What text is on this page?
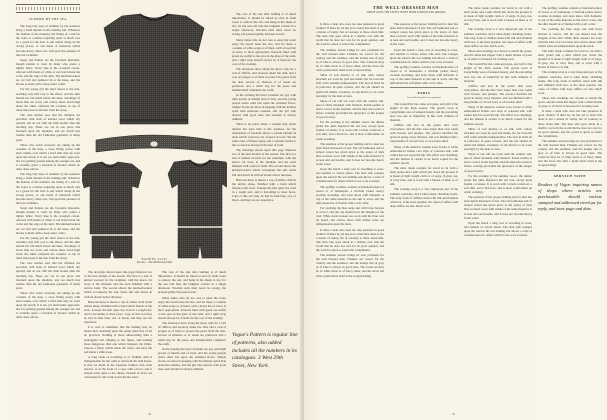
SUMMER BY THE SEA

The long lazy days of summer by the seashore bring a fresh interest in the bathing suit. Whatever the fashion of the moment, the fitting of a suit for the water is a matter requiring quite as much care as a gown for the ball. A suit which clings in the wrong places, or one made of materials which become heavy when wet, will spoil the pleasure of the best swimmer.

Serge and flannel are the favourite materials, though mohair is worn by many who prefer a lighter fabric. Navy blue is the accepted colour, relieved with bands of white or red braid about the collar and the edge of the skirt. The knickerbockers are cut full and gathered in at the knee, and the blouse is made with a deep sailor collar.

For the young girl the short sleeve is the rule, reaching only half way to the elbow, and the skirt should not fall much below the knee. Stockings of black lisle are worn, and canvas shoes laced high about the ankle complete the costume. A cap of oiled silk protects the hair from the spray.

The wise mother sees that the children are provided with suits of knitted wool which dry quickly and do not chill the little bodies after the morning dip. These are cut in one piece and fastened upon the shoulder, and are much less trouble than the old fashioned garments of many parts.

Those who swim seriously are taking up the costume of the men, a close fitting jersey with short trunks, over which a brief skirt may be worn upon the beach. It is not yet universally approved, but it is gaining ground among the younger set, and it certainly gives a freedom of motion which no other dress allows.

The long lazy days of summer by the seashore bring a fresh interest in the bathing suit. Whatever the fashion of the moment, the fitting of a suit for the water is a matter requiring quite as much care as a gown for the ball. A suit which clings in the wrong places, or one made of materials which become heavy when wet, will spoil the pleasure of the best swimmer.

Serge and flannel are the favourite materials, though mohair is worn by many who prefer a lighter fabric. Navy blue is the accepted colour, relieved with bands of white or red braid about the collar and the edge of the skirt. The knickerbockers are cut full and gathered in at the knee, and the blouse is made with a deep sailor collar.

For the young girl the short sleeve is the rule, reaching only half way to the elbow, and the skirt should not fall much below the knee. Stockings of black lisle are worn, and canvas shoes laced high about the ankle complete the costume. A cap of oiled silk protects the hair from the spray.

The wise mother sees that the children are provided with suits of knitted wool which dry quickly and do not chill the little bodies after the morning dip. These are cut in one piece and fastened upon the shoulder, and are much less trouble than the old fashioned garments of many parts.

Those who swim seriously are taking up the costume of the men, a close fitting jersey with short trunks, over which a brief skirt may be worn upon the beach. It is not yet universally approved, but it is gaining ground among the younger set, and it certainly gives a freedom of motion which no other dress allows.

BATHING SUITS
See text.—The Well Dressed Man

The drawings shown upon this page illustrate two of the best models of the season. The first is a suit of knitted worsted for the swimmer, with the sleeve cut away at the shoulder and the neck finished with a narrow band. The second shows the knickerbockers which accompany the suit, made full and drawn in with an elastic below the knee.

Between these is shown a cap of rubber cloth in the turban shape, finished with a band which fastens at the back. It keeps the hair quite dry even in a rough surf, and is becoming to most faces. Caps of this sort may be had in dark blue, red, or black, and they are not expensive.

It is well to remember that the bathing suit, no matter how charming upon the sands, must first of all be practical. Nothing is more unbecoming than a bedraggled suit clinging to the figure, and nothing more dangerous than one which hampers the limbs. Choose a fabric which sheds the water, and have the suit made a trifle loose.

A long cloak of towelling or of Turkish cloth is indispensable for the walk to and from the bath house. It may be made in the Japanese fashion with wide sleeves, or in the form of a cape with a hood, and it should reach quite to the ankles. Sandals of straw are convenient for the walk across the hot sand.

The care of the suit after bathing is of much importance. It should be rinsed at once in fresh water to remove the salt, and hung in the shade to dry, for the sun will fade the brightest colours in a single afternoon. Woollen suits must never be wrung, but pressed gently between towels.

Many ladies who do not care to enter the water enjoy the beach none the less, and for these a costume of white serge or of linen, with a broad hat of straw, is most appropriate. Parasols lined with green are restful to the eyes in the glare of the sand, and a light wrap should always be at hand for the cool of the evening.

The afternoon drive along the shore calls for a veil of chiffon, tied securely under the chin, and a coat of pongee or of linen to protect the gown from the dust. Gloves of chamois or of suede are preferred, and a small bag for the purse and handkerchief completes the outfit.

In the evening the hotel verandas are gay with light gowns of muslin and of lawn, and the young people dance until late upon the polished floors. Simple frocks are more in keeping with the holiday spirit than elaborate toilettes, and the girl who dresses with good taste and restraint is always admired.

The care of the suit after bathing is of much importance. It should be rinsed at once in fresh water to remove the salt, and hung in the shade to dry, for the sun will fade the brightest colours in a single afternoon. Woollen suits must never be wrung, but pressed gently between towels.

Many ladies who do not care to enter the water enjoy the beach none the less, and for these a costume of white serge or of linen, with a broad hat of straw, is most appropriate. Parasols lined with green are restful to the eyes in the glare of the sand, and a light wrap should always be at hand for the cool of the evening.

The afternoon drive along the shore calls for a veil of chiffon, tied securely under the chin, and a coat of pongee or of linen to protect the gown from the dust. Gloves of chamois or of suede are preferred, and a small bag for the purse and handkerchief completes the outfit.

In the evening the hotel verandas are gay with light gowns of muslin and of lawn, and the young people dance until late upon the polished floors. Simple frocks are more in keeping with the holiday spirit than elaborate toilettes, and the girl who dresses with good taste and restraint is always admired.

There is no place where a woman may better display her taste than at the seashore, for the atmosphere of freedom allows a certain latitude in dress which would be out of place in town. Yet the same rules of fitness apply, and a costume suited to the occasion is always in the best of form.

The drawings shown upon this page illustrate two of the best models of the season. The first is a suit of knitted worsted for the swimmer, with the sleeve cut away at the shoulder and the neck finished with a narrow band. The second shows the knickerbockers which accompany the suit, made full and drawn in with an elastic below the knee.

Between these is shown a cap of rubber cloth in the turban shape, finished with a band which fastens at the back. It keeps the hair quite dry even in a rough surf, and is becoming to most faces. Caps of this sort may be had in dark blue, red, or black, and they are not expensive.

Vogue's Pattern is regular line of patterns, also added includes all the numbers in its catalogues. 3 West 29th Street, New York.
54
THE WELL-DRESSED MAN
WHICH GIVES THE LATEST NOTES FROM LONDON AND ABROAD

Is there a man who does not take pleasure in good clothes? If there be, he has yet to learn that dress is not a matter of vanity, but of courtesy to those about him. The man who goes about in a shabby coat tells the world that he does not care for its good opinion, and the world is quick to return the compliment.

The summer season brings its own problems for the well dressed man. Flannels are correct for the country and the seashore, and the lounge suit of grey or of blue is always in good taste. The waistcoat may be of white duck or of fancy linen, and the straw hat with a plain black band is the accepted thing.

Shirts of soft madras or of silk, with collars attached, are worn for golf and tennis, but for town the stiff collar remains indispensable. The four in hand tie is preferred, in quiet colours, and the pin should be small and simple. Jewellery of any kind is to be worn sparingly by the man of taste.

Shoes of tan calf are worn with the country suit, and of white buckskin with flannels. Patent leather is never correct in the daytime, and the man who wears it before evening proclaims his ignorance of the usages of good society.

For the evening at the summer resort, the dinner jacket has quite displaced the tail coat, except upon formal occasions. It is worn with a black waistcoat, a soft shirt, and a black tie, and is most comfortable on warm evenings.

The question of the proper bathing suit for men has been much discussed of late. The old fashioned suit of striped cotton has given place to the jersey of dark blue worsted, worn with trunks of the same material. It is neat and serviceable, and it does not become heavy in the water.

Upon the beach a long coat of towelling is worn, and sandals or canvas shoes. The man who lounges upon the sand in his wet bathing suit shows a want of consideration for others which is not to be excused.

The golfing costume consists of knickerbockers of tweed or of homespun, a Norfolk jacket, heavy woollen stockings, and stout shoes with hobnails. A cap of the same material as the suit is worn, and the shirt should be of flannel with a soft collar.

For yachting the blue serge suit with brass buttons is correct, and the cap should bear the insignia of the club. White duck trousers are worn with the blue coat on board, and canvas shoes with rubber soles are indispensable upon the deck.

Is there a man who does not take pleasure in good clothes? If there be, he has yet to learn that dress is not a matter of vanity, but of courtesy to those about him. The man who goes about in a shabby coat tells the world that he does not care for its good opinion, and the world is quick to return the compliment.

The summer season brings its own problems for the well dressed man. Flannels are correct for the country and the seashore, and the lounge suit of grey or of blue is always in good taste. The waistcoat may be of white duck or of fancy linen, and the straw hat with a plain black band is the accepted thing.

The question of the proper bathing suit for men has been much discussed of late. The old fashioned suit of striped cotton has given place to the jersey of dark blue worsted, worn with trunks of the same material. It is neat and serviceable, and it does not become heavy in the water.

Upon the beach a long coat of towelling is worn, and sandals or canvas shoes. The man who lounges upon the sand in his wet bathing suit shows a want of consideration for others which is not to be excused.

The golfing costume consists of knickerbockers of tweed or of homespun, a Norfolk jacket, heavy woollen stockings, and stout shoes with hobnails. A cap of the same material as the suit is worn, and the shirt should be of flannel with a soft collar.

PARIS
From Our Regular Correspondent

The Grand Prix has come and gone, and with it the height of the Paris season. The gowns worn at Longchamp were of unusual beauty, and the prevailing note was one of simplicity in line with richness of material.

Chiffon and lace in the palest tints were everywhere, and the hats were larger than ever, laden with flowers and plumes. The parasol matched the gown in nearly every instance, and was finished with a long handle of carved ivory or of tortoise shell.

Many of the smartest women wore frocks of white embroidered batiste over slips of coloured silk, with sashes tied low upon the hip. The effect was charming, and the fashion is certain to be much copied for the summer resorts.

The tailor made costume for travel is cut with a short jacket and a skirt which just clears the ground. It is made of light weight cloth or of serge, in grey, tan, or navy blue, and is worn with a blouse of linen or of silk.

The evening wrap is a very important part of the summer wardrobe, and it takes many charming forms. The long cloak of chiffon, lined with silk and trimmed with lace, is the most popular, but capes of taffeta with deep ruffles are also much worn.

The tailor made costume for travel is cut with a short jacket and a skirt which just clears the ground. It is made of light weight cloth or of serge, in grey, tan, or navy blue, and is worn with a blouse of linen or of silk.

The evening wrap is a very important part of the summer wardrobe, and it takes many charming forms. The long cloak of chiffon, lined with silk and trimmed with lace, is the most popular, but capes of taffeta with deep ruffles are also much worn.

Shoes and stockings are chosen to match the gown, and the white kid slipper with a small buckle of paste or of silver is favoured for evening wear.

The Grand Prix has come and gone, and with it the height of the Paris season. The gowns worn at Longchamp were of unusual beauty, and the prevailing note was one of simplicity in line with richness of material.

Chiffon and lace in the palest tints were everywhere, and the hats were larger than ever, laden with flowers and plumes. The parasol matched the gown in nearly every instance, and was finished with a long handle of carved ivory or of tortoise shell.

Many of the smartest women wore frocks of white embroidered batiste over slips of coloured silk, with sashes tied low upon the hip. The effect was charming, and the fashion is certain to be much copied for the summer resorts.

Shirts of soft madras or of silk, with collars attached, are worn for golf and tennis, but for town the stiff collar remains indispensable. The four in hand tie is preferred, in quiet colours, and the pin should be small and simple. Jewellery of any kind is to be worn sparingly by the man of taste.

Shoes of tan calf are worn with the country suit, and of white buckskin with flannels. Patent leather is never correct in the daytime, and the man who wears it before evening proclaims his ignorance of the usages of good society.

For the evening at the summer resort, the dinner jacket has quite displaced the tail coat, except upon formal occasions. It is worn with a black waistcoat, a soft shirt, and a black tie, and is most comfortable on warm evenings.

The question of the proper bathing suit for men has been much discussed of late. The old fashioned suit of striped cotton has given place to the jersey of dark blue worsted, worn with trunks of the same material. It is neat and serviceable, and it does not become heavy in the water.

Upon the beach a long coat of towelling is worn, and sandals or canvas shoes. The man who lounges upon the sand in his wet bathing suit shows a want of consideration for others which is not to be excused.

The golfing costume consists of knickerbockers of tweed or of homespun, a Norfolk jacket, heavy woollen stockings, and stout shoes with hobnails. A cap of the same material as the suit is worn, and the shirt should be of flannel with a soft collar.

For yachting the blue serge suit with brass buttons is correct, and the cap should bear the insignia of the club. White duck trousers are worn with the blue coat on board, and canvas shoes with rubber soles are indispensable upon the deck.

The tailor made costume for travel is cut with a short jacket and a skirt which just clears the ground. It is made of light weight cloth or of serge, in grey, tan, or navy blue, and is worn with a blouse of linen or of silk.

The evening wrap is a very important part of the summer wardrobe, and it takes many charming forms. The long cloak of chiffon, lined with silk and trimmed with lace, is the most popular, but capes of taffeta with deep ruffles are also much worn.

Shoes and stockings are chosen to match the gown, and the white kid slipper with a small buckle of paste or of silver is favoured for evening wear.

Is there a man who does not take pleasure in good clothes? If there be, he has yet to learn that dress is not a matter of vanity, but of courtesy to those about him. The man who goes about in a shabby coat tells the world that he does not care for its good opinion, and the world is quick to return the compliment.

The summer season brings its own problems for the well dressed man. Flannels are correct for the country and the seashore, and the lounge suit of grey or of blue is always in good taste. The waistcoat may be of white duck or of fancy linen, and the straw hat with a plain black band is the accepted thing.

SERVICE NOTE
Readers of Vogue inquiring names of shops where articles are purchasable should enclose stamped and addressed envelope for reply, and state page and date.
55
